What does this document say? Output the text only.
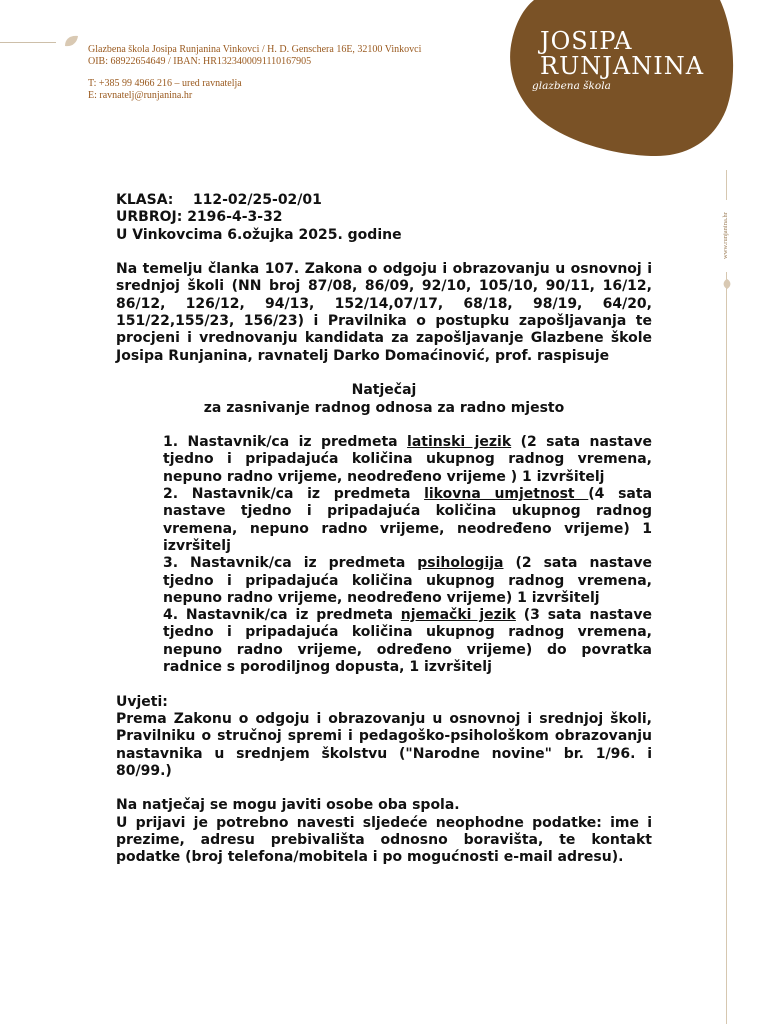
Glazbena škola Josipa Runjanina Vinkovci / H. D. Genschera 16E, 32100 Vinkovci
OIB: 68922654649 / IBAN: HR1323400091110167905
T: +385 99 4966 216 – ured ravnatelja
E: ravnatelj@runjanina.hr
JOSIPA
RUNJANINA
glazbena škola
www.runjanina.hr
KLASA: 112-02/25-02/01
URBROJ: 2196-4-3-32
U Vinkovcima 6.ožujka 2025. godine

Na temelju članka 107. Zakona o odgoju i obrazovanju u osnovnoj i srednjoj školi (NN broj 87/08, 86/09, 92/10, 105/10, 90/11, 16/12, 86/12, 126/12, 94/13, 152/14,07/17, 68/18, 98/19, 64/20, 151/22,155/23, 156/23) i Pravilnika o postupku zapošljavanja te procjeni i vrednovanju kandidata za zapošljavanje Glazbene škole Josipa Runjanina, ravnatelj Darko Domaćinović, prof. raspisuje

Natječaj
za zasnivanje radnog odnosa za radno mjesto

1. Nastavnik/ca iz predmeta latinski jezik (2 sata nastave tjedno i pripadajuća količina ukupnog radnog vremena, nepuno radno vrijeme, neodređeno vrijeme ) 1 izvršitelj

2. Nastavnik/ca iz predmeta likovna umjetnost (4 sata nastave tjedno i pripadajuća količina ukupnog radnog vremena, nepuno radno vrijeme, neodređeno vrijeme) 1 izvršitelj

3. Nastavnik/ca iz predmeta psihologija (2 sata nastave tjedno i pripadajuća količina ukupnog radnog vremena, nepuno radno vrijeme, neodređeno vrijeme) 1 izvršitelj

4. Nastavnik/ca iz predmeta njemački jezik (3 sata nastave tjedno i pripadajuća količina ukupnog radnog vremena, nepuno radno vrijeme, određeno vrijeme) do povratka radnice s porodiljnog dopusta, 1 izvršitelj

Uvjeti:

Prema Zakonu o odgoju i obrazovanju u osnovnoj i srednjoj školi, Pravilniku o stručnoj spremi i pedagoško-psihološkom obrazovanju nastavnika u srednjem školstvu ("Narodne novine" br. 1/96. i 80/99.)

Na natječaj se mogu javiti osobe oba spola.

U prijavi je potrebno navesti sljedeće neophodne podatke: ime i prezime, adresu prebivališta odnosno boravišta, te kontakt podatke (broj telefona/mobitela i po mogućnosti e-mail adresu).
